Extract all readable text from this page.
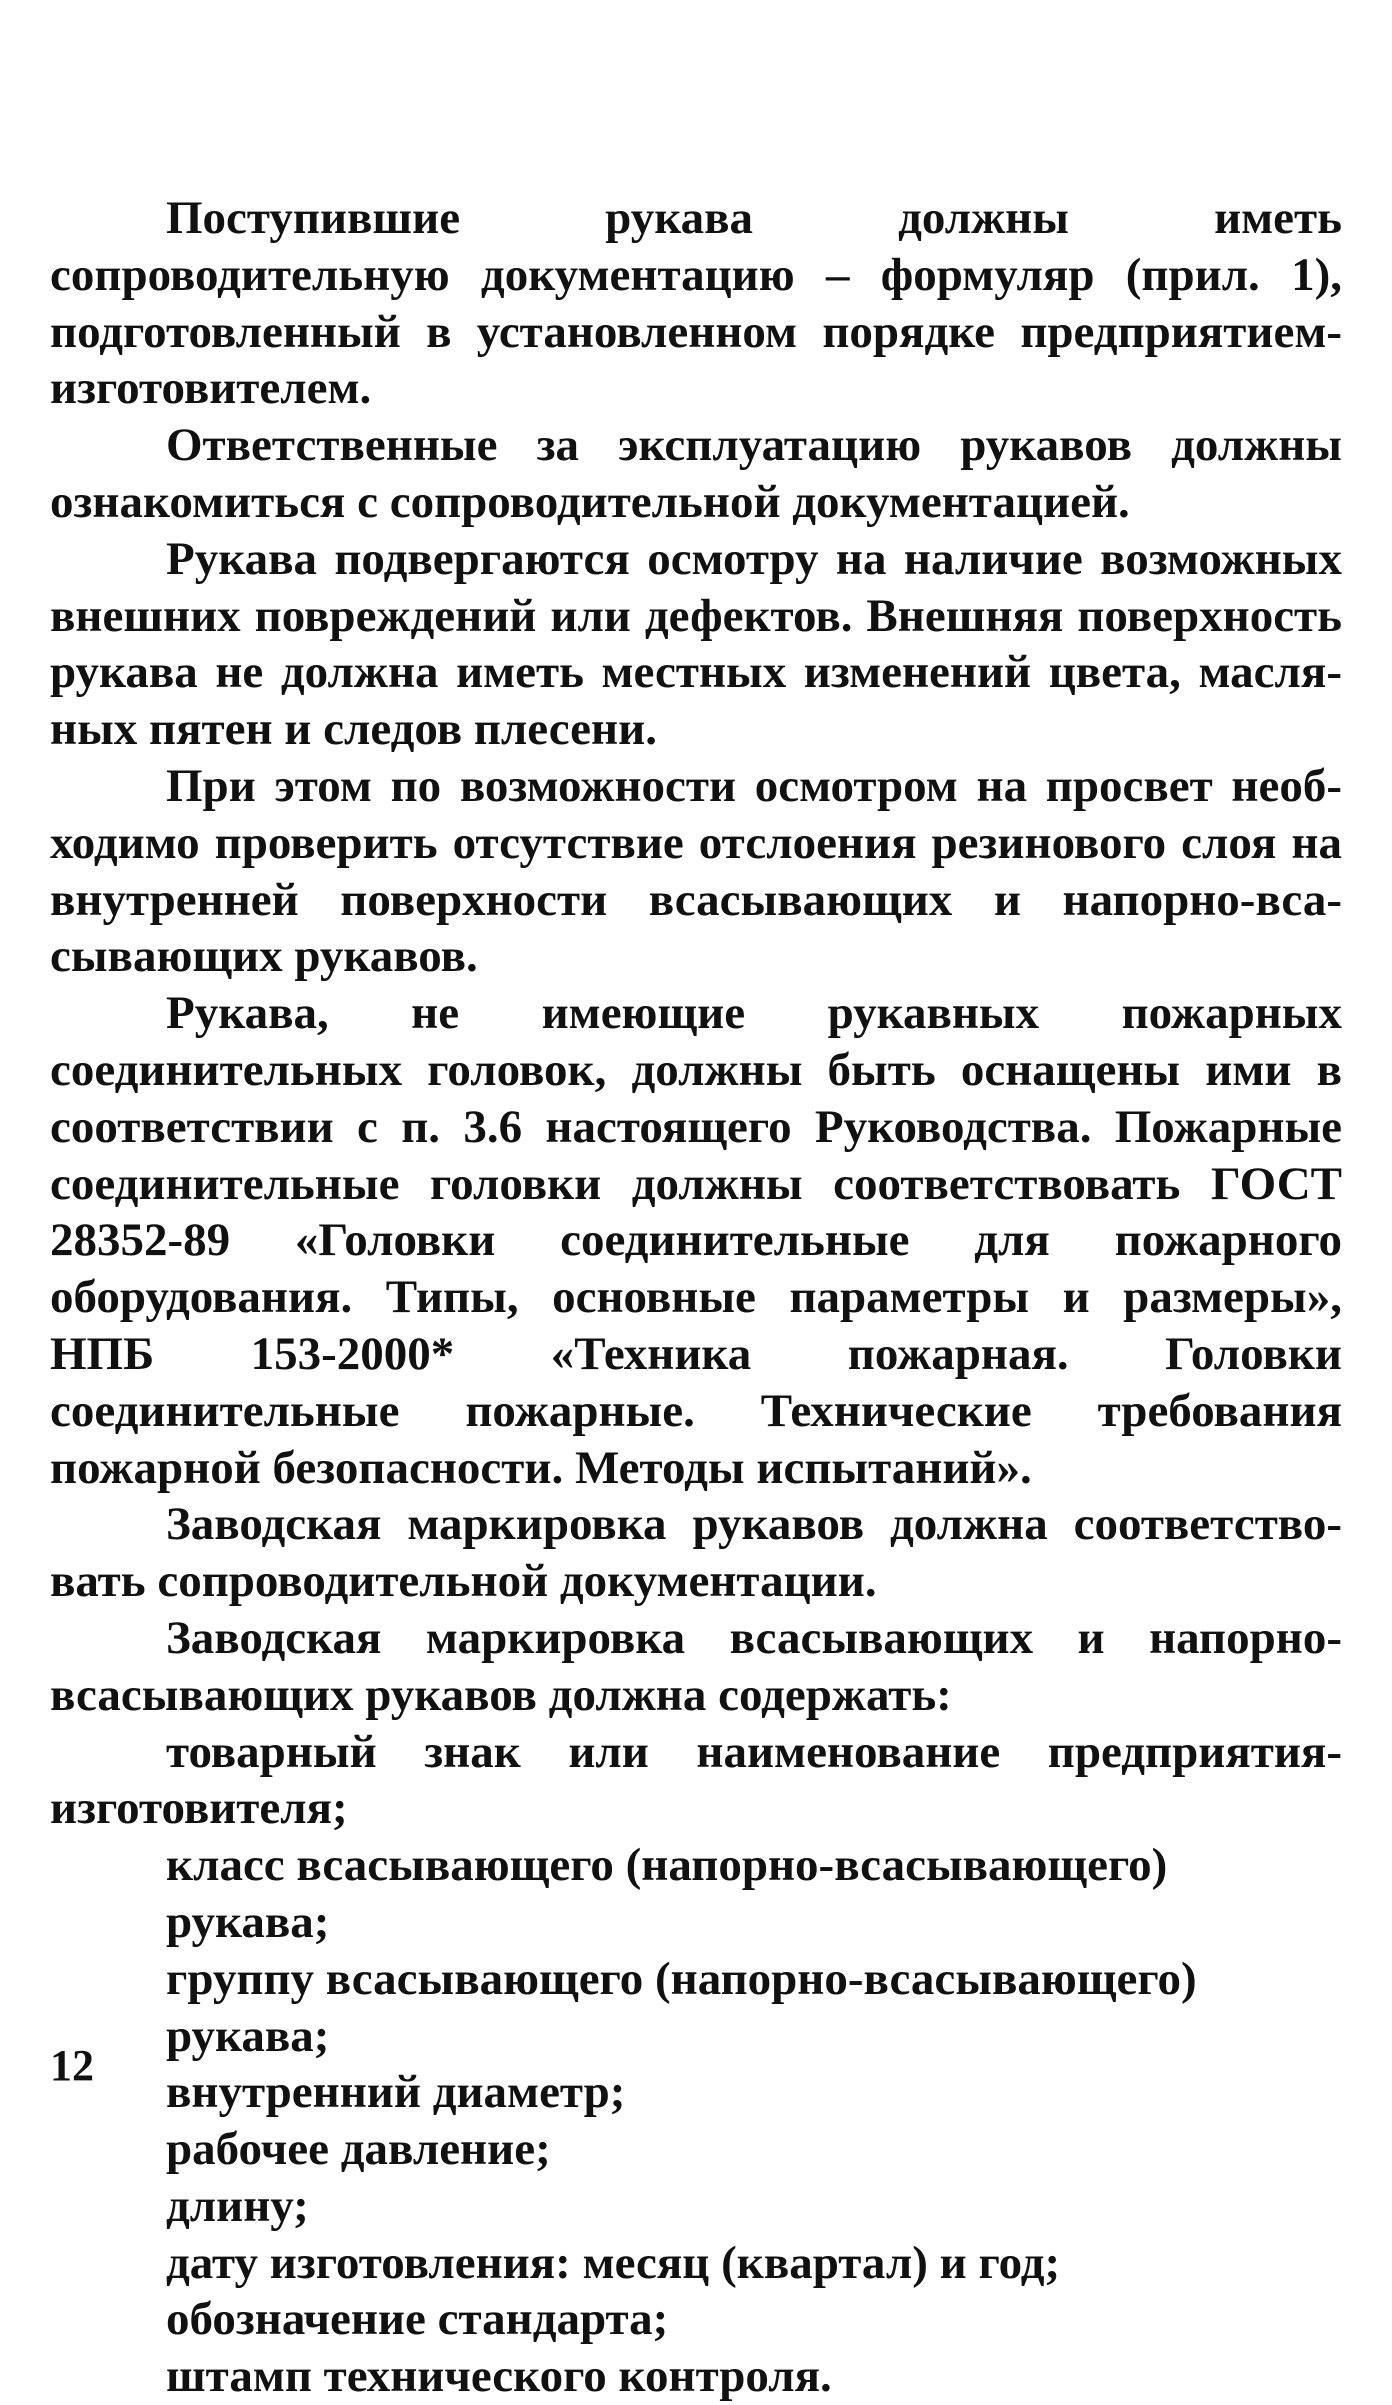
Поступившие рукава должны иметь сопроводительную документацию – формуляр (прил. 1), подготовленный в установленном порядке предприятием-изготовителем.

Ответственные за эксплуатацию рукавов должны ознакомиться с сопроводительной документацией.

Рукава подвергаются осмотру на наличие возможных внешних повреждений или дефектов. Внешняя поверхность рукава не должна иметь местных изменений цвета, масляных пятен и следов плесени.

При этом по возможности осмотром на просвет необходимо проверить отсутствие отслоения резинового слоя на внутренней поверхности всасывающих и напорно-всасывающих рукавов.

Рукава, не имеющие рукавных пожарных соединительных головок, должны быть оснащены ими в соответствии с п. 3.6 настоящего Руководства. Пожарные соединительные головки должны соответствовать ГОСТ 28352-89 «Головки соединительные для пожарного оборудования. Типы, основные параметры и размеры», НПБ 153-2000* «Техника пожарная. Головки соединительные пожарные. Технические требования пожарной безопасности. Методы испытаний».

Заводская маркировка рукавов должна соответствовать сопроводительной документации.

Заводская маркировка всасывающих и напорно-всасывающих рукавов должна содержать:

товарный знак или наименование предприятия-изготовителя;
класс всасывающего (напорно-всасывающего) рукава;
группу всасывающего (напорно-всасывающего) рукава;
внутренний диаметр;
рабочее давление;
длину;
дату изготовления: месяц (квартал) и год;
обозначение стандарта;
штамп технического контроля.
12
